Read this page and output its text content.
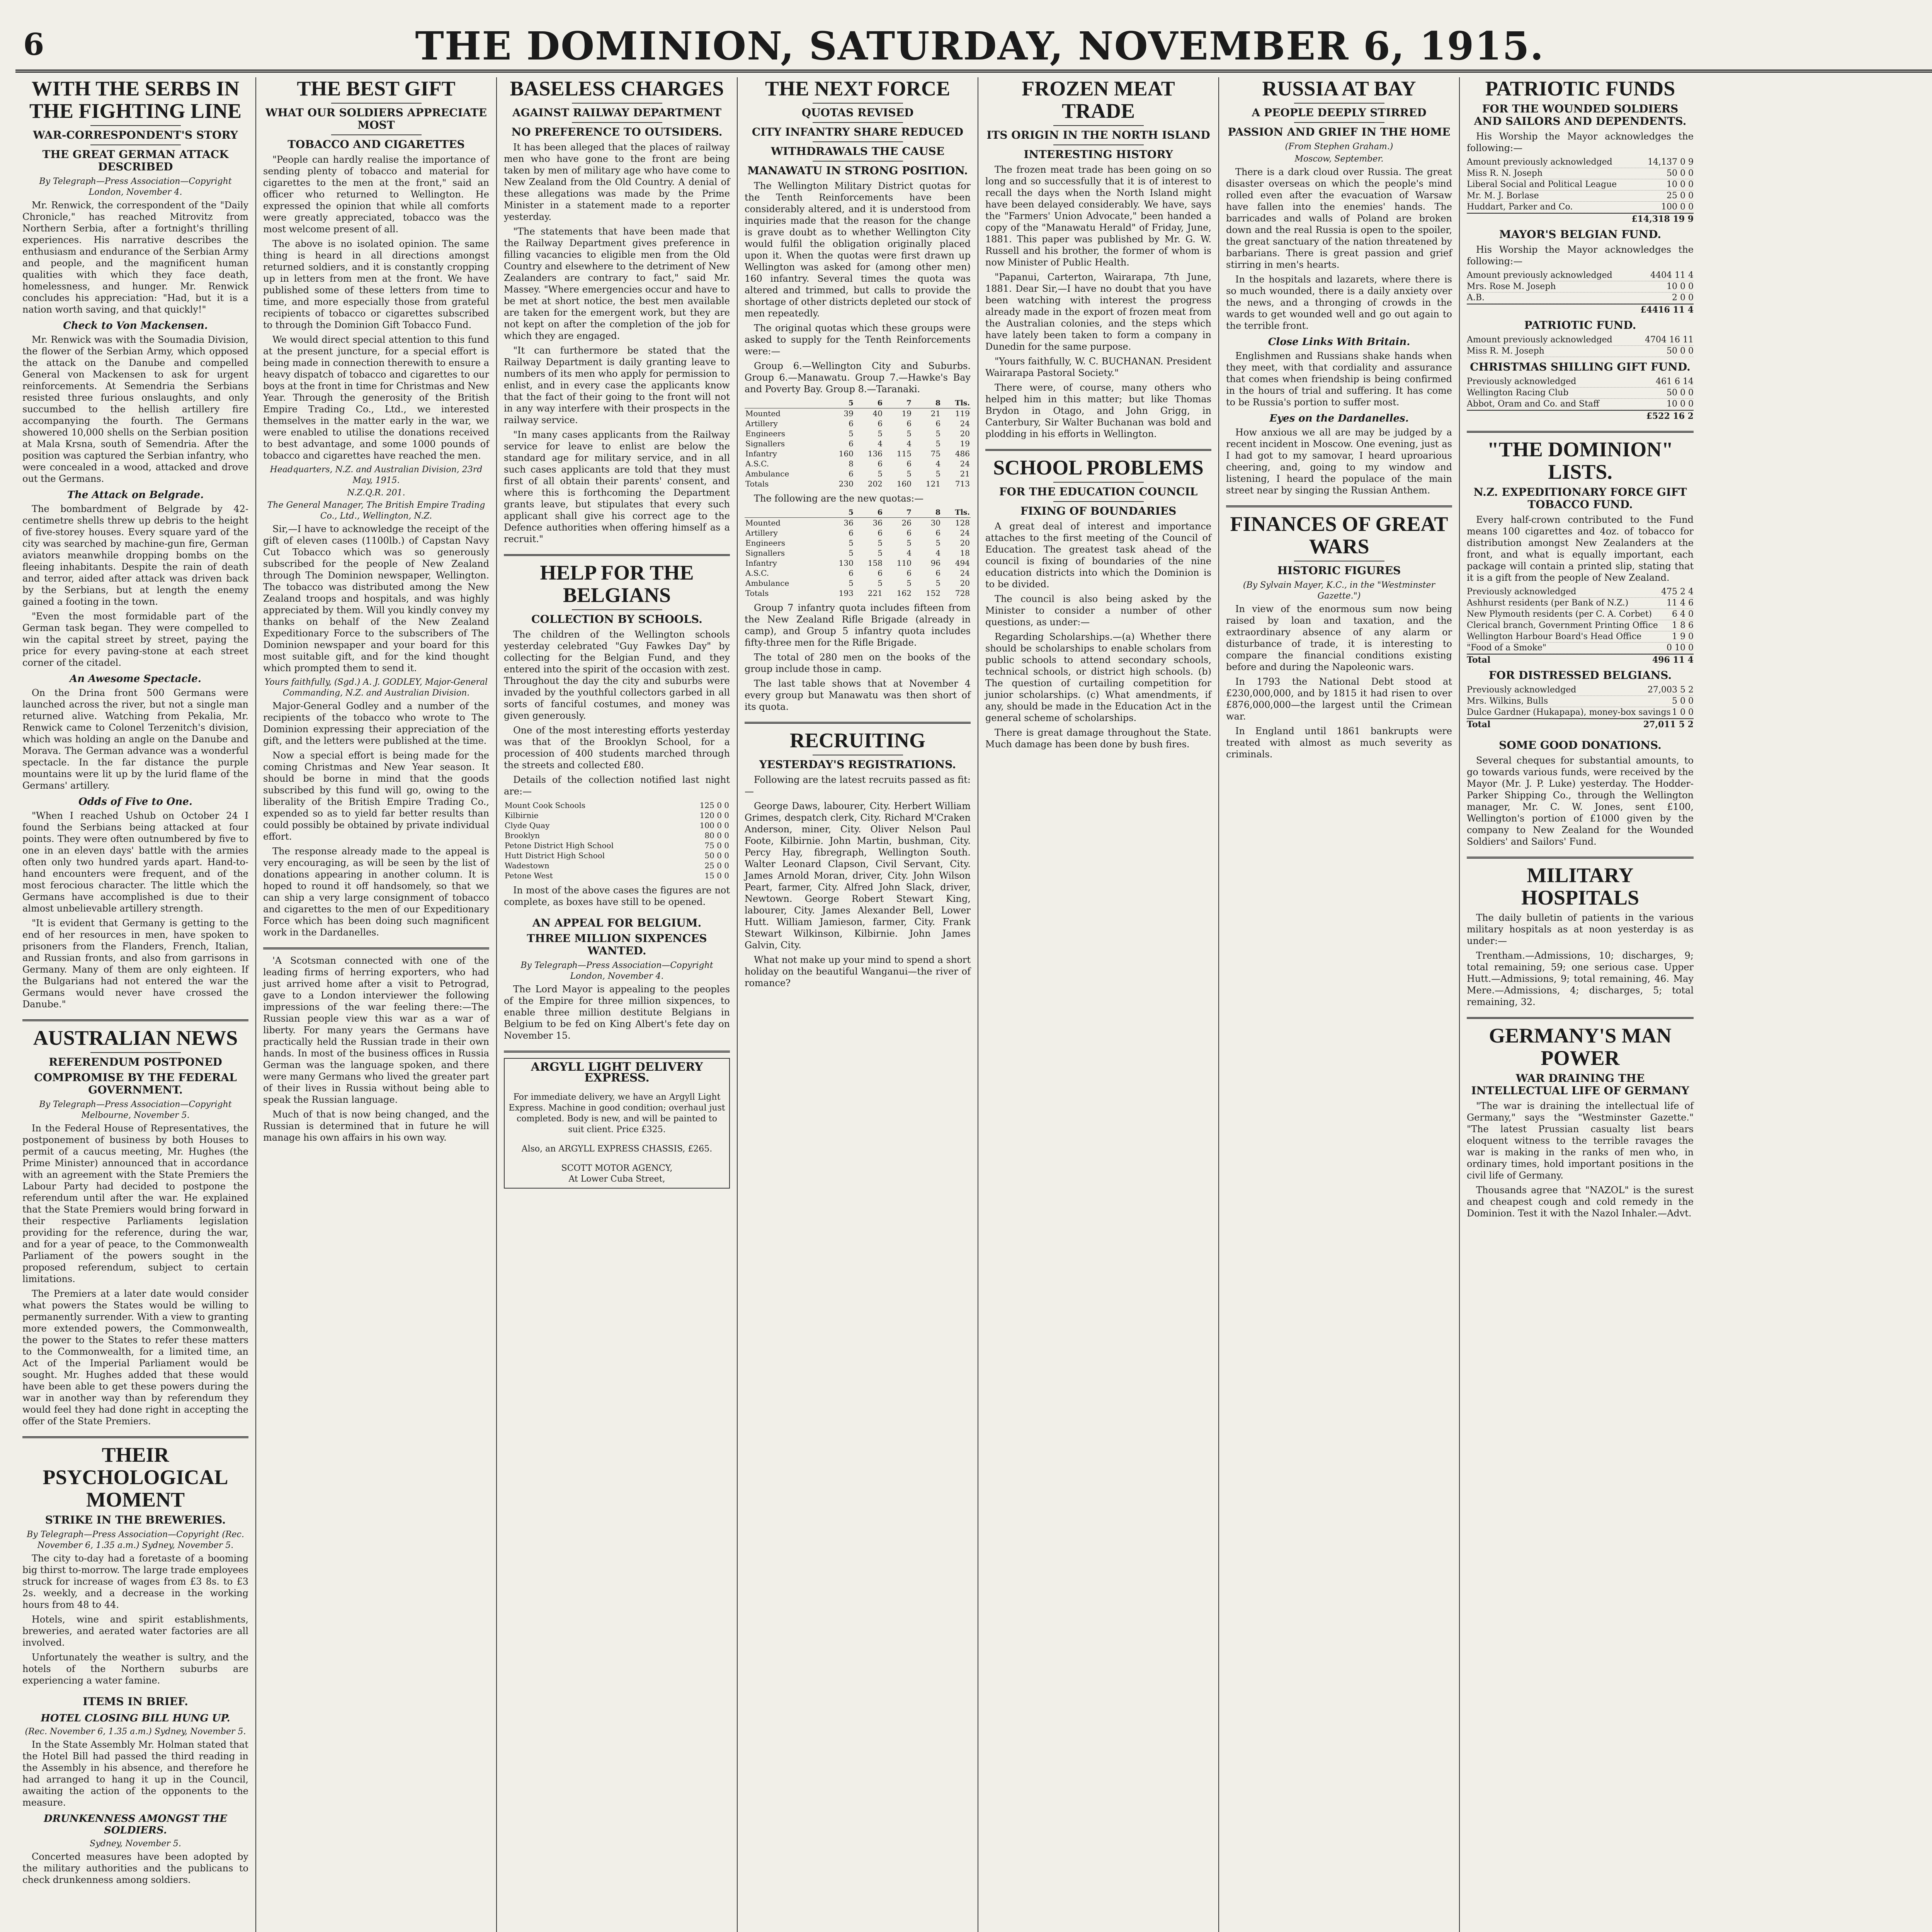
6	THE DOMINION, SATURDAY, NOVEMBER 6, 1915.
WITH THE SERBS IN THE FIGHTING LINE
WAR-CORRESPONDENT'S STORY
THE GREAT GERMAN ATTACK DESCRIBED
By Telegraph—Press Association—Copyright London, November 4.

Mr. Renwick, the correspondent of the "Daily Chronicle," has reached Mitrovitz from Northern Serbia, after a fortnight's thrilling experiences. His narrative describes the enthusiasm and endurance of the Serbian Army and people, and the magnificent human qualities with which they face death, homelessness, and hunger. Mr. Renwick concludes his appreciation: "Had, but it is a nation worth saving, and that quickly!"

Check to Von Mackensen.

Mr. Renwick was with the Soumadia Division, the flower of the Serbian Army, which opposed the attack on the Danube and compelled General von Mackensen to ask for urgent reinforcements. At Semendria the Serbians resisted three furious onslaughts, and only succumbed to the hellish artillery fire accompanying the fourth. The Germans showered 10,000 shells on the Serbian position at Mala Krsna, south of Semendria. After the position was captured the Serbian infantry, who were concealed in a wood, attacked and drove out the Germans.

The Attack on Belgrade.

The bombardment of Belgrade by 42-centimetre shells threw up debris to the height of five-storey houses. Every square yard of the city was searched by machine-gun fire, German aviators meanwhile dropping bombs on the fleeing inhabitants. Despite the rain of death and terror, aided after attack was driven back by the Serbians, but at length the enemy gained a footing in the town.

"Even the most formidable part of the German task began. They were compelled to win the capital street by street, paying the price for every paving-stone at each street corner of the citadel.

An Awesome Spectacle.

On the Drina front 500 Germans were launched across the river, but not a single man returned alive. Watching from Pekalia, Mr. Renwick came to Colonel Terzenitch's division, which was holding an angle on the Danube and Morava. The German advance was a wonderful spectacle. In the far distance the purple mountains were lit up by the lurid flame of the Germans' artillery.

Odds of Five to One.

"When I reached Ushub on October 24 I found the Serbians being attacked at four points. They were often outnumbered by five to one in an eleven days' battle with the armies often only two hundred yards apart. Hand-to-hand encounters were frequent, and of the most ferocious character. The little which the Germans have accomplished is due to their almost unbelievable artillery strength.

"It is evident that Germany is getting to the end of her resources in men, have spoken to prisoners from the Flanders, French, Italian, and Russian fronts, and also from garrisons in Germany. Many of them are only eighteen. If the Bulgarians had not entered the war the Germans would never have crossed the Danube."

AUSTRALIAN NEWS
REFERENDUM POSTPONED
COMPROMISE BY THE FEDERAL GOVERNMENT.
By Telegraph—Press Association—Copyright Melbourne, November 5.

In the Federal House of Representatives, the postponement of business by both Houses to permit of a caucus meeting, Mr. Hughes (the Prime Minister) announced that in accordance with an agreement with the State Premiers the Labour Party had decided to postpone the referendum until after the war. He explained that the State Premiers would bring forward in their respective Parliaments legislation providing for the reference, during the war, and for a year of peace, to the Commonwealth Parliament of the powers sought in the proposed referendum, subject to certain limitations.

The Premiers at a later date would consider what powers the States would be willing to permanently surrender. With a view to granting more extended powers, the Commonwealth, the power to the States to refer these matters to the Commonwealth, for a limited time, an Act of the Imperial Parliament would be sought. Mr. Hughes added that these would have been able to get these powers during the war in another way than by referendum they would feel they had done right in accepting the offer of the State Premiers.

THEIR PSYCHOLOGICAL MOMENT
STRIKE IN THE BREWERIES.
By Telegraph—Press Association—Copyright (Rec. November 6, 1.35 a.m.) Sydney, November 5.

The city to-day had a foretaste of a booming big thirst to-morrow. The large trade employees struck for increase of wages from £3 8s. to £3 2s. weekly, and a decrease in the working hours from 48 to 44.

Hotels, wine and spirit establishments, breweries, and aerated water factories are all involved.

Unfortunately the weather is sultry, and the hotels of the Northern suburbs are experiencing a water famine.

ITEMS IN BRIEF.
HOTEL CLOSING BILL HUNG UP.
(Rec. November 6, 1.35 a.m.) Sydney, November 5.

In the State Assembly Mr. Holman stated that the Hotel Bill had passed the third reading in the Assembly in his absence, and therefore he had arranged to hang it up in the Council, awaiting the action of the opponents to the measure.

DRUNKENNESS AMONGST THE SOLDIERS.
Sydney, November 5.

Concerted measures have been adopted by the military authorities and the publicans to check drunkenness among soldiers.

THE BEST GIFT
WHAT OUR SOLDIERS APPRECIATE MOST
TOBACCO AND CIGARETTES

"People can hardly realise the importance of sending plenty of tobacco and material for cigarettes to the men at the front," said an officer who returned to Wellington. He expressed the opinion that while all comforts were greatly appreciated, tobacco was the most welcome present of all.

The above is no isolated opinion. The same thing is heard in all directions amongst returned soldiers, and it is constantly cropping up in letters from men at the front. We have published some of these letters from time to time, and more especially those from grateful recipients of tobacco or cigarettes subscribed to through the Dominion Gift Tobacco Fund.

We would direct special attention to this fund at the present juncture, for a special effort is being made in connection therewith to ensure a heavy dispatch of tobacco and cigarettes to our boys at the front in time for Christmas and New Year. Through the generosity of the British Empire Trading Co., Ltd., we interested themselves in the matter early in the war, we were enabled to utilise the donations received to best advantage, and some 1000 pounds of tobacco and cigarettes have reached the men.

Headquarters, N.Z. and Australian Division, 23rd May, 1915.
N.Z.Q.R. 201.
The General Manager, The British Empire Trading Co., Ltd., Wellington, N.Z.

Sir,—I have to acknowledge the receipt of the gift of eleven cases (1100lb.) of Capstan Navy Cut Tobacco which was so generously subscribed for the people of New Zealand through The Dominion newspaper, Wellington. The tobacco was distributed among the New Zealand troops and hospitals, and was highly appreciated by them. Will you kindly convey my thanks on behalf of the New Zealand Expeditionary Force to the subscribers of The Dominion newspaper and your board for this most suitable gift, and for the kind thought which prompted them to send it.

Yours faithfully, (Sgd.) A. J. GODLEY, Major-General Commanding, N.Z. and Australian Division.

Major-General Godley and a number of the recipients of the tobacco who wrote to The Dominion expressing their appreciation of the gift, and the letters were published at the time.

Now a special effort is being made for the coming Christmas and New Year season. It should be borne in mind that the goods subscribed by this fund will go, owing to the liberality of the British Empire Trading Co., expended so as to yield far better results than could possibly be obtained by private individual effort.

The response already made to the appeal is very encouraging, as will be seen by the list of donations appearing in another column. It is hoped to round it off handsomely, so that we can ship a very large consignment of tobacco and cigarettes to the men of our Expeditionary Force which has been doing such magnificent work in the Dardanelles.

'A Scotsman connected with one of the leading firms of herring exporters, who had just arrived home after a visit to Petrograd, gave to a London interviewer the following impressions of the war feeling there:—The Russian people view this war as a war of liberty. For many years the Germans have practically held the Russian trade in their own hands. In most of the business offices in Russia German was the language spoken, and there were many Germans who lived the greater part of their lives in Russia without being able to speak the Russian language.

Much of that is now being changed, and the Russian is determined that in future he will manage his own affairs in his own way.

BASELESS CHARGES
AGAINST RAILWAY DEPARTMENT
NO PREFERENCE TO OUTSIDERS.

It has been alleged that the places of railway men who have gone to the front are being taken by men of military age who have come to New Zealand from the Old Country. A denial of these allegations was made by the Prime Minister in a statement made to a reporter yesterday.

"The statements that have been made that the Railway Department gives preference in filling vacancies to eligible men from the Old Country and elsewhere to the detriment of New Zealanders are contrary to fact," said Mr. Massey. "Where emergencies occur and have to be met at short notice, the best men available are taken for the emergent work, but they are not kept on after the completion of the job for which they are engaged.

"It can furthermore be stated that the Railway Department is daily granting leave to numbers of its men who apply for permission to enlist, and in every case the applicants know that the fact of their going to the front will not in any way interfere with their prospects in the railway service.

"In many cases applicants from the Railway service for leave to enlist are below the standard age for military service, and in all such cases applicants are told that they must first of all obtain their parents' consent, and where this is forthcoming the Department grants leave, but stipulates that every such applicant shall give his correct age to the Defence authorities when offering himself as a recruit."

HELP FOR THE BELGIANS
COLLECTION BY SCHOOLS.

The children of the Wellington schools yesterday celebrated "Guy Fawkes Day" by collecting for the Belgian Fund, and they entered into the spirit of the occasion with zest. Throughout the day the city and suburbs were invaded by the youthful collectors garbed in all sorts of fanciful costumes, and money was given generously.

One of the most interesting efforts yesterday was that of the Brooklyn School, for a procession of 400 students marched through the streets and collected £80.

Details of the collection notified last night are:—

Mount Cook Schools	125 0 0
Kilbirnie	120 0 0
Clyde Quay	100 0 0
Brooklyn	80 0 0
Petone District High School	75 0 0
Hutt District High School	50 0 0
Wadestown	25 0 0
Petone West	15 0 0

In most of the above cases the figures are not complete, as boxes have still to be opened.

AN APPEAL FOR BELGIUM.
THREE MILLION SIXPENCES WANTED.
By Telegraph—Press Association—Copyright London, November 4.

The Lord Mayor is appealing to the peoples of the Empire for three million sixpences, to enable three million destitute Belgians in Belgium to be fed on King Albert's fete day on November 15.

ARGYLL LIGHT DELIVERY EXPRESS.

For immediate delivery, we have an Argyll Light Express. Machine in good condition; overhaul just completed. Body is new, and will be painted to suit client. Price £325.

Also, an ARGYLL EXPRESS CHASSIS, £265.

SCOTT MOTOR AGENCY,
At Lower Cuba Street,
THE NEXT FORCE
QUOTAS REVISED
CITY INFANTRY SHARE REDUCED
WITHDRAWALS THE CAUSE
MANAWATU IN STRONG POSITION.

The Wellington Military District quotas for the Tenth Reinforcements have been considerably altered, and it is understood from inquiries made that the reason for the change is grave doubt as to whether Wellington City would fulfil the obligation originally placed upon it. When the quotas were first drawn up Wellington was asked for (among other men) 160 infantry. Several times the quota was altered and trimmed, but calls to provide the shortage of other districts depleted our stock of men repeatedly.

The original quotas which these groups were asked to supply for the Tenth Reinforcements were:—

Group 6.—Wellington City and Suburbs. Group 6.—Manawatu. Group 7.—Hawke's Bay and Poverty Bay. Group 8.—Taranaki.

	5	6	7	8	Tls.
Mounted	39	40	19	21	119
Artillery	6	6	6	6	24
Engineers	5	5	5	5	20
Signallers	6	4	4	5	19
Infantry	160	136	115	75	486
A.S.C.	8	6	6	4	24
Ambulance	6	5	5	5	21
Totals	230	202	160	121	713

The following are the new quotas:—

	5	6	7	8	Tls.
Mounted	36	36	26	30	128
Artillery	6	6	6	6	24
Engineers	5	5	5	5	20
Signallers	5	5	4	4	18
Infantry	130	158	110	96	494
A.S.C.	6	6	6	6	24
Ambulance	5	5	5	5	20
Totals	193	221	162	152	728

Group 7 infantry quota includes fifteen from the New Zealand Rifle Brigade (already in camp), and Group 5 infantry quota includes fifty-three men for the Rifle Brigade.

The total of 280 men on the books of the group include those in camp.

The last table shows that at November 4 every group but Manawatu was then short of its quota.

RECRUITING
YESTERDAY'S REGISTRATIONS.

Following are the latest recruits passed as fit:—

George Daws, labourer, City. Herbert William Grimes, despatch clerk, City. Richard M'Craken Anderson, miner, City. Oliver Nelson Paul Foote, Kilbirnie. John Martin, bushman, City. Percy Hay, fibregraph, Wellington South. Walter Leonard Clapson, Civil Servant, City. James Arnold Moran, driver, City. John Wilson Peart, farmer, City. Alfred John Slack, driver, Newtown. George Robert Stewart King, labourer, City. James Alexander Bell, Lower Hutt. William Jamieson, farmer, City. Frank Stewart Wilkinson, Kilbirnie. John James Galvin, City.

What not make up your mind to spend a short holiday on the beautiful Wanganui—the river of romance?

FROZEN MEAT TRADE
ITS ORIGIN IN THE NORTH ISLAND
INTERESTING HISTORY

The frozen meat trade has been going on so long and so successfully that it is of interest to recall the days when the North Island might have been delayed considerably. We have, says the "Farmers' Union Advocate," been handed a copy of the "Manawatu Herald" of Friday, June, 1881. This paper was published by Mr. G. W. Russell and his brother, the former of whom is now Minister of Public Health.

"Papanui, Carterton, Wairarapa, 7th June, 1881. Dear Sir,—I have no doubt that you have been watching with interest the progress already made in the export of frozen meat from the Australian colonies, and the steps which have lately been taken to form a company in Dunedin for the same purpose.

"Yours faithfully, W. C. BUCHANAN. President Wairarapa Pastoral Society."

There were, of course, many others who helped him in this matter; but like Thomas Brydon in Otago, and John Grigg, in Canterbury, Sir Walter Buchanan was bold and plodding in his efforts in Wellington.

SCHOOL PROBLEMS
FOR THE EDUCATION COUNCIL
FIXING OF BOUNDARIES

A great deal of interest and importance attaches to the first meeting of the Council of Education. The greatest task ahead of the council is fixing of boundaries of the nine education districts into which the Dominion is to be divided.

The council is also being asked by the Minister to consider a number of other questions, as under:—

Regarding Scholarships.—(a) Whether there should be scholarships to enable scholars from public schools to attend secondary schools, technical schools, or district high schools. (b) The question of curtailing competition for junior scholarships. (c) What amendments, if any, should be made in the Education Act in the general scheme of scholarships.

There is great damage throughout the State. Much damage has been done by bush fires.

RUSSIA AT BAY
A PEOPLE DEEPLY STIRRED
PASSION AND GRIEF IN THE HOME
(From Stephen Graham.)
Moscow, September.

There is a dark cloud over Russia. The great disaster overseas on which the people's mind rolled even after the evacuation of Warsaw have fallen into the enemies' hands. The barricades and walls of Poland are broken down and the real Russia is open to the spoiler, the great sanctuary of the nation threatened by barbarians. There is great passion and grief stirring in men's hearts.

In the hospitals and lazarets, where there is so much wounded, there is a daily anxiety over the news, and a thronging of crowds in the wards to get wounded well and go out again to the terrible front.

Close Links With Britain.

Englishmen and Russians shake hands when they meet, with that cordiality and assurance that comes when friendship is being confirmed in the hours of trial and suffering. It has come to be Russia's portion to suffer most.

Eyes on the Dardanelles.

How anxious we all are may be judged by a recent incident in Moscow. One evening, just as I had got to my samovar, I heard uproarious cheering, and, going to my window and listening, I heard the populace of the main street near by singing the Russian Anthem.

FINANCES OF GREAT WARS
HISTORIC FIGURES
(By Sylvain Mayer, K.C., in the "Westminster Gazette.")

In view of the enormous sum now being raised by loan and taxation, and the extraordinary absence of any alarm or disturbance of trade, it is interesting to compare the financial conditions existing before and during the Napoleonic wars.

In 1793 the National Debt stood at £230,000,000, and by 1815 it had risen to over £876,000,000—the largest until the Crimean war.

In England until 1861 bankrupts were treated with almost as much severity as criminals.

PATRIOTIC FUNDS
FOR THE WOUNDED SOLDIERS AND SAILORS AND DEPENDENTS.

His Worship the Mayor acknowledges the following:—

Amount previously acknowledged	14,137 0 9
Miss R. N. Joseph	50 0 0
Liberal Social and Political League	10 0 0
Mr. M. J. Borlase	25 0 0
Huddart, Parker and Co.	100 0 0
£14,318 19 9
MAYOR'S BELGIAN FUND.

His Worship the Mayor acknowledges the following:—

Amount previously acknowledged	4404 11 4
Mrs. Rose M. Joseph	10 0 0
A.B.	2 0 0
£4416 11 4
PATRIOTIC FUND.
Amount previously acknowledged	4704 16 11
Miss R. M. Joseph	50 0 0
CHRISTMAS SHILLING GIFT FUND.
Previously acknowledged	461 6 14
Wellington Racing Club	50 0 0
Abbot, Oram and Co. and Staff	10 0 0
£522 16 2
"THE DOMINION" LISTS.
N.Z. EXPEDITIONARY FORCE GIFT TOBACCO FUND.

Every half-crown contributed to the Fund means 100 cigarettes and 4oz. of tobacco for distribution amongst New Zealanders at the front, and what is equally important, each package will contain a printed slip, stating that it is a gift from the people of New Zealand.

Previously acknowledged	475 2 4
Ashhurst residents (per Bank of N.Z.)	11 4 6
New Plymouth residents (per C. A. Corbet) 6 4 0
Clerical branch, Government Printing Office 1 8 6
Wellington Harbour Board's Head Office	1 9 0
"Food of a Smoke"	0 10 0
Total	496 11 4
FOR DISTRESSED BELGIANS.
Previously acknowledged	27,003 5 2
Mrs. Wilkins, Bulls	5 0 0
Dulce Gardner (Hukapapa), money-box savings 1 0 0
Total	27,011 5 2
SOME GOOD DONATIONS.

Several cheques for substantial amounts, to go towards various funds, were received by the Mayor (Mr. J. P. Luke) yesterday. The Hodder-Parker Shipping Co., through the Wellington manager, Mr. C. W. Jones, sent £100, Wellington's portion of £1000 given by the company to New Zealand for the Wounded Soldiers' and Sailors' Fund.

MILITARY HOSPITALS

The daily bulletin of patients in the various military hospitals as at noon yesterday is as under:—

Trentham.—Admissions, 10; discharges, 9; total remaining, 59; one serious case. Upper Hutt.—Admissions, 9; total remaining, 46. May Mere.—Admissions, 4; discharges, 5; total remaining, 32.

GERMANY'S MAN POWER
WAR DRAINING THE INTELLECTUAL LIFE OF GERMANY

"The war is draining the intellectual life of Germany," says the "Westminster Gazette." "The latest Prussian casualty list bears eloquent witness to the terrible ravages the war is making in the ranks of men who, in ordinary times, hold important positions in the civil life of Germany.

Thousands agree that "NAZOL" is the surest and cheapest cough and cold remedy in the Dominion. Test it with the Nazol Inhaler.—Advt.
